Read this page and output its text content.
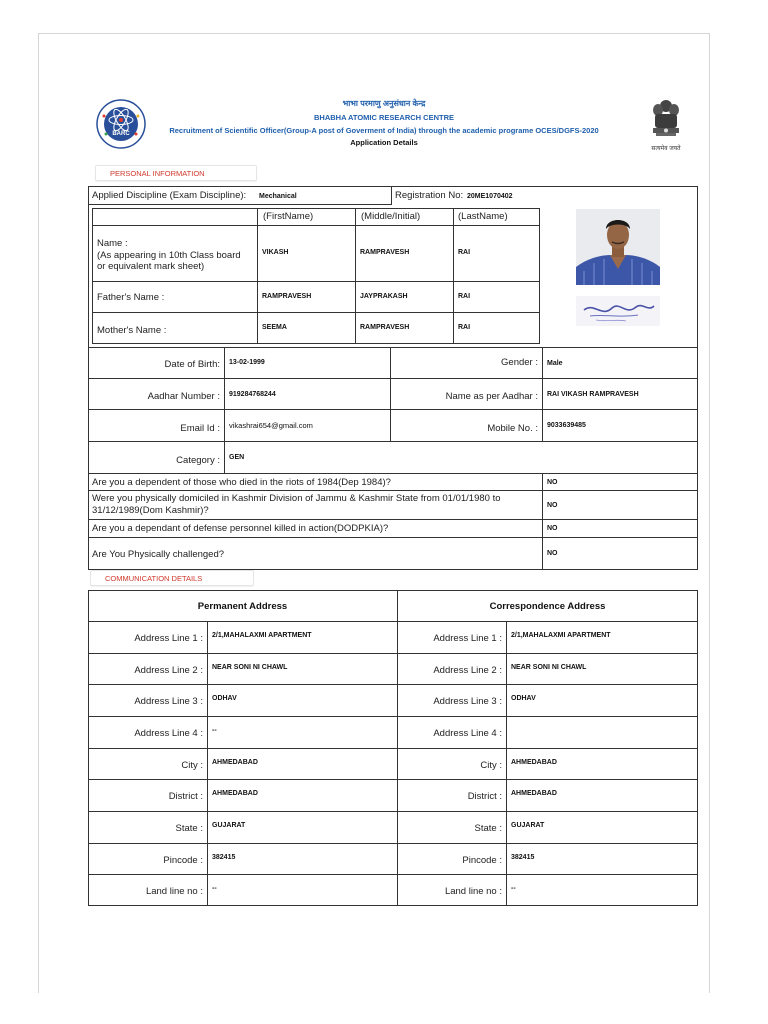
BARC
सत्यमेव जयते
भाभा परमाणु अनुसंधान केन्द्र
BHABHA ATOMIC RESEARCH CENTRE
Recruitment of Scientific Officer(Group-A post of Goverment of India) through the academic programe OCES/DGFS-2020
Application Details
PERSONAL INFORMATION
Applied Discipline (Exam Discipline): Mechanical	Registration No: 20ME1070402
(FirstName)	(Middle/Initial)	(LastName)
Name :
(As appearing in 10th Class board
or equivalent mark sheet)
VIKASH	RAMPRAVESH	RAI
Father's Name :	RAMPRAVESH	JAYPRAKASH	RAI
Mother's Name :	SEEMA	RAMPRAVESH	RAI
Date of Birth: 13-02-1999	Gender : Male
Aadhar Number : 919284768244	Name as per Aadhar : RAI VIKASH RAMPRAVESH
Email Id : vikashrai654@gmail.com	Mobile No. : 9033639485
Category : GEN
Are you a dependent of those who died in the riots of 1984(Dep 1984)?	NO
Were you physically domiciled in Kashmir Division of Jammu & Kashmir State from 01/01/1980 to
31/12/1989(Dom Kashmir)?	NO
Are you a dependant of defense personnel killed in action(DODPKIA)?	NO
Are You Physically challenged?	NO
COMMUNICATION DETAILS
Permanent Address	Correspondence Address
Address Line 1 : 2/1,MAHALAXMI APARTMENT	Address Line 1 : 2/1,MAHALAXMI APARTMENT
Address Line 2 : NEAR SONI NI CHAWL	Address Line 2 : NEAR SONI NI CHAWL
Address Line 3 : ODHAV	Address Line 3 : ODHAV
Address Line 4 : --	Address Line 4 :
City : AHMEDABAD	City : AHMEDABAD
District : AHMEDABAD	District : AHMEDABAD
State : GUJARAT	State : GUJARAT
Pincode : 382415	Pincode : 382415
Land line no : --	Land line no : --
